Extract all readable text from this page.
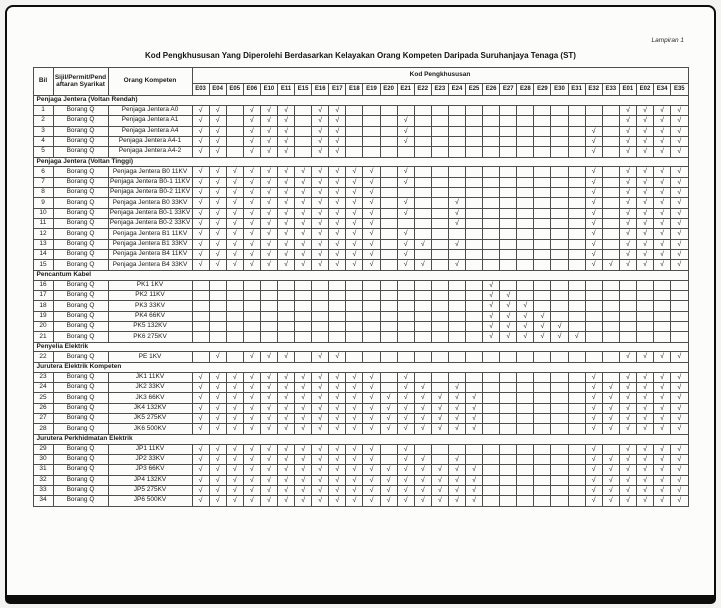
Lampiran 1
Kod Pengkhususan Yang Diperolehi Berdasarkan Kelayakan Orang Kompeten Daripada Suruhanjaya Tenaga (ST)
Bil	Sijil/Permit/Pendaftaran Syarikat	Orang Kompeten	Kod Pengkhususan																												
			E03	E04	E05	E06	E10	E11	E15	E16	E17	E18	E19	E20	E21	E22	E23	E24	E25	E26	E27	E28	E29	E30	E31	E32	E33	E01	E02	E34	E35
Penjaga Jentera (Voltan Rendah)																															
1	Borang Q	Penjaga Jentera A0	√	√		√	√	√		√	√																	√	√	√	√
2	Borang Q	Penjaga Jentera A1	√	√		√	√	√		√	√				√													√	√	√	√
3	Borang Q	Penjaga Jentera A4	√	√		√	√	√		√	√				√											√		√	√	√	√
4	Borang Q	Penjaga Jentera A4-1	√	√		√	√	√		√	√				√											√		√	√	√	√
5	Borang Q	Penjaga Jentera A4-2	√	√		√	√	√		√	√															√		√	√	√	√
Penjaga Jentera (Voltan Tinggi)																															
6	Borang Q	Penjaga Jentera B0 11KV	√	√	√	√	√	√	√	√	√	√	√		√											√		√	√	√	√
7	Borang Q	Penjaga Jentera B0-1 11KV	√	√	√	√	√	√	√	√	√	√	√		√											√		√	√	√	√
8	Borang Q	Penjaga Jentera B0-2 11KV	√	√	√	√	√	√	√	√	√	√	√													√		√	√	√	√
9	Borang Q	Penjaga Jentera B0 33KV	√	√	√	√	√	√	√	√	√	√	√		√			√								√		√	√	√	√
10	Borang Q	Penjaga Jentera B0-1 33KV	√	√	√	√	√	√	√	√	√	√	√		√			√								√		√	√	√	√
11	Borang Q	Penjaga Jentera B0-2 33KV	√	√	√	√	√	√	√	√	√	√	√					√								√		√	√	√	√
12	Borang Q	Penjaga Jentera B1 11KV	√	√	√	√	√	√	√	√	√	√	√		√											√		√	√	√	√
13	Borang Q	Penjaga Jentera B1 33KV	√	√	√	√	√	√	√	√	√	√	√		√	√		√								√		√	√	√	√
14	Borang Q	Penjaga Jentera B4 11KV	√	√	√	√	√	√	√	√	√	√	√		√											√		√	√	√	√
15	Borang Q	Penjaga Jentera B4 33KV	√	√	√	√	√	√	√	√	√	√	√		√	√		√								√	√	√	√	√	√
Pencantum Kabel																															
16	Borang Q	PK1 1KV																		√											
17	Borang Q	PK2 11KV																		√	√										
18	Borang Q	PK3 33KV																		√	√	√									
19	Borang Q	PK4 66KV																		√	√	√	√								
20	Borang Q	PK5 132KV																		√	√	√	√	√							
21	Borang Q	PK6 275KV																		√	√	√	√	√	√						
Penyelia Elektrik																															
22	Borang Q	PE 1KV		√		√	√	√		√	√																	√	√	√	√
Jurutera Elektrik Kompeten																															
23	Borang Q	JK1 11KV	√	√	√	√	√	√	√	√	√	√	√		√											√		√	√	√	√
24	Borang Q	JK2 33KV	√	√	√	√	√	√	√	√	√	√	√		√	√		√								√	√	√	√	√	√
25	Borang Q	JK3 66KV	√	√	√	√	√	√	√	√	√	√	√	√	√	√	√	√	√							√	√	√	√	√	√
26	Borang Q	JK4 132KV	√	√	√	√	√	√	√	√	√	√	√	√	√	√	√	√	√							√	√	√	√	√	√
27	Borang Q	JK5 275KV	√	√	√	√	√	√	√	√	√	√	√	√	√	√	√	√	√							√	√	√	√	√	√
28	Borang Q	JK6 500KV	√	√	√	√	√	√	√	√	√	√	√	√	√	√	√	√	√							√	√	√	√	√	√
Jurutera Perkhidmatan Elektrik																															
29	Borang Q	JP1 11KV	√	√	√	√	√	√	√	√	√	√	√		√											√		√	√	√	√
30	Borang Q	JP2 33KV	√	√	√	√	√	√	√	√	√	√	√		√	√		√								√	√	√	√	√	√
31	Borang Q	JP3 66KV	√	√	√	√	√	√	√	√	√	√	√	√	√	√	√	√	√							√	√	√	√	√	√
32	Borang Q	JP4 132KV	√	√	√	√	√	√	√	√	√	√	√	√	√	√	√	√	√							√	√	√	√	√	√
33	Borang Q	JP5 275KV	√	√	√	√	√	√	√	√	√	√	√	√	√	√	√	√	√							√	√	√	√	√	√
34	Borang Q	JP6 500KV	√	√	√	√	√	√	√	√	√	√	√	√	√	√	√	√	√							√	√	√	√	√	√
